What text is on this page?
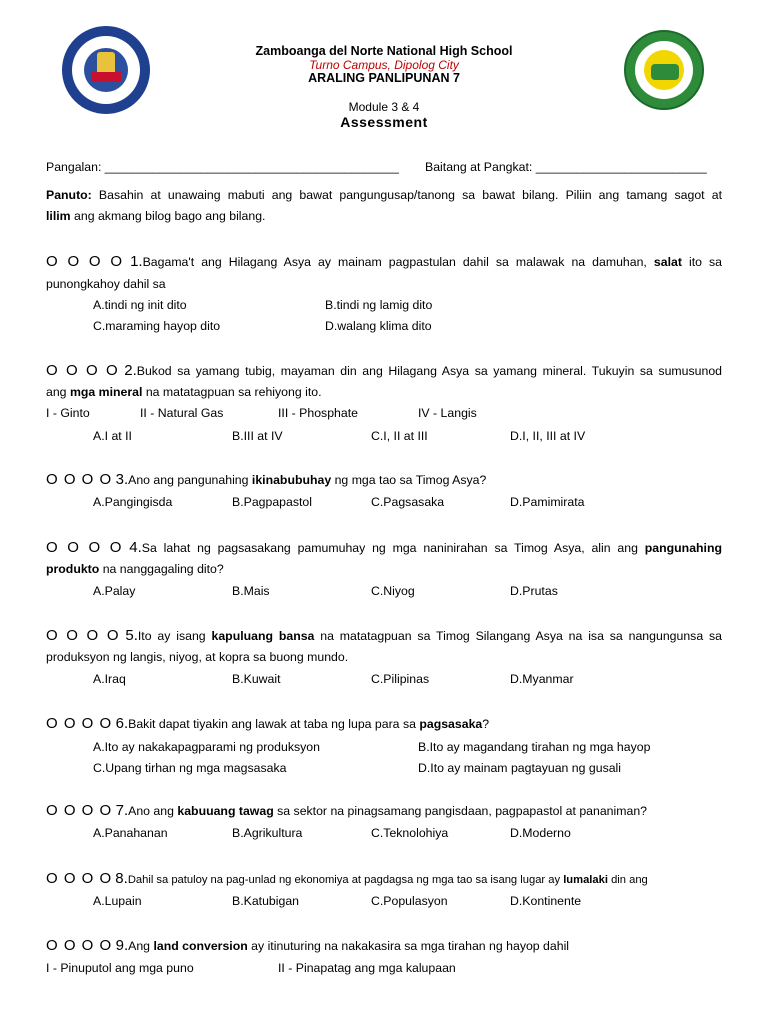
Zamboanga del Norte National High School
Turno Campus, Dipolog City
ARALING PANLIPUNAN 7
Module 3 & 4
Assessment
Pangalan: ___________________________________________ Baitang at Pangkat: _________________________
Panuto: Basahin at unawaing mabuti ang bawat pangungusap/tanong sa bawat bilang. Piliin ang tamang sagot at
lilim ang akmang bilog bago ang bilang.
O O O O 1.Bagama't ang Hilagang Asya ay mainam pagpastulan dahil sa malawak na damuhan, salat ito sa
punongkahoy dahil sa
A.tindi ng init dito	B.tindi ng lamig dito
C.maraming hayop dito	D.walang klima dito
O O O O 2.Bukod sa yamang tubig, mayaman din ang Hilagang Asya sa yamang mineral. Tukuyin sa sumusunod
ang mga mineral na matatagpuan sa rehiyong ito.
I - Ginto	II - Natural Gas	III - Phosphate	IV - Langis
A.I at II	B.III at IV	C.I, II at III	D.I, II, III at IV
O O O O 3.Ano ang pangunahing ikinabubuhay ng mga tao sa Timog Asya?
A.Pangingisda	B.Pagpapastol	C.Pagsasaka	D.Pamimirata
O O O O 4.Sa lahat ng pagsasakang pamumuhay ng mga naninirahan sa Timog Asya, alin ang pangunahing
produkto na nanggagaling dito?
A.Palay	B.Mais	C.Niyog	D.Prutas
O O O O 5.Ito ay isang kapuluang bansa na matatagpuan sa Timog Silangang Asya na isa sa nangungunsa sa
produksyon ng langis, niyog, at kopra sa buong mundo.
A.Iraq	B.Kuwait	C.Pilipinas	D.Myanmar
O O O O 6.Bakit dapat tiyakin ang lawak at taba ng lupa para sa pagsasaka?
A.Ito ay nakakapagparami ng produksyon	B.Ito ay magandang tirahan ng mga hayop
C.Upang tirhan ng mga magsasaka	D.Ito ay mainam pagtayuan ng gusali
O O O O 7.Ano ang kabuuang tawag sa sektor na pinagsamang pangisdaan, pagpapastol at pananiman?
A.Panahanan	B.Agrikultura	C.Teknolohiya	D.Moderno
O O O O 8.Dahil sa patuloy na pag-unlad ng ekonomiya at pagdagsa ng mga tao sa isang lugar ay lumalaki din ang
A.Lupain	B.Katubigan	C.Populasyon	D.Kontinente
O O O O 9.Ang land conversion ay itinuturing na nakakasira sa mga tirahan ng hayop dahil
I - Pinuputol ang mga puno	II - Pinapatag ang mga kalupaan
